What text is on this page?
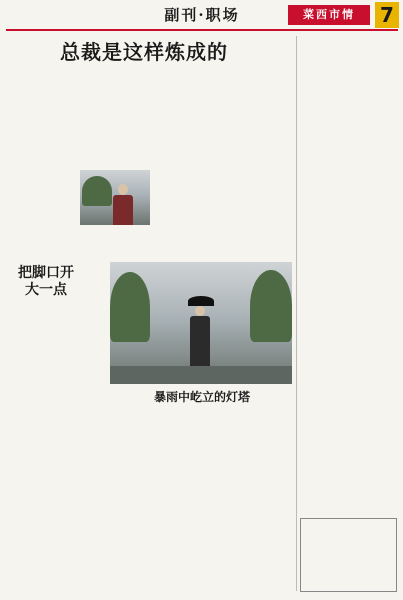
副刊·职场	菜西市情	7
总裁是这样炼成的
把脚口开大一点
暴雨中屹立的灯塔
